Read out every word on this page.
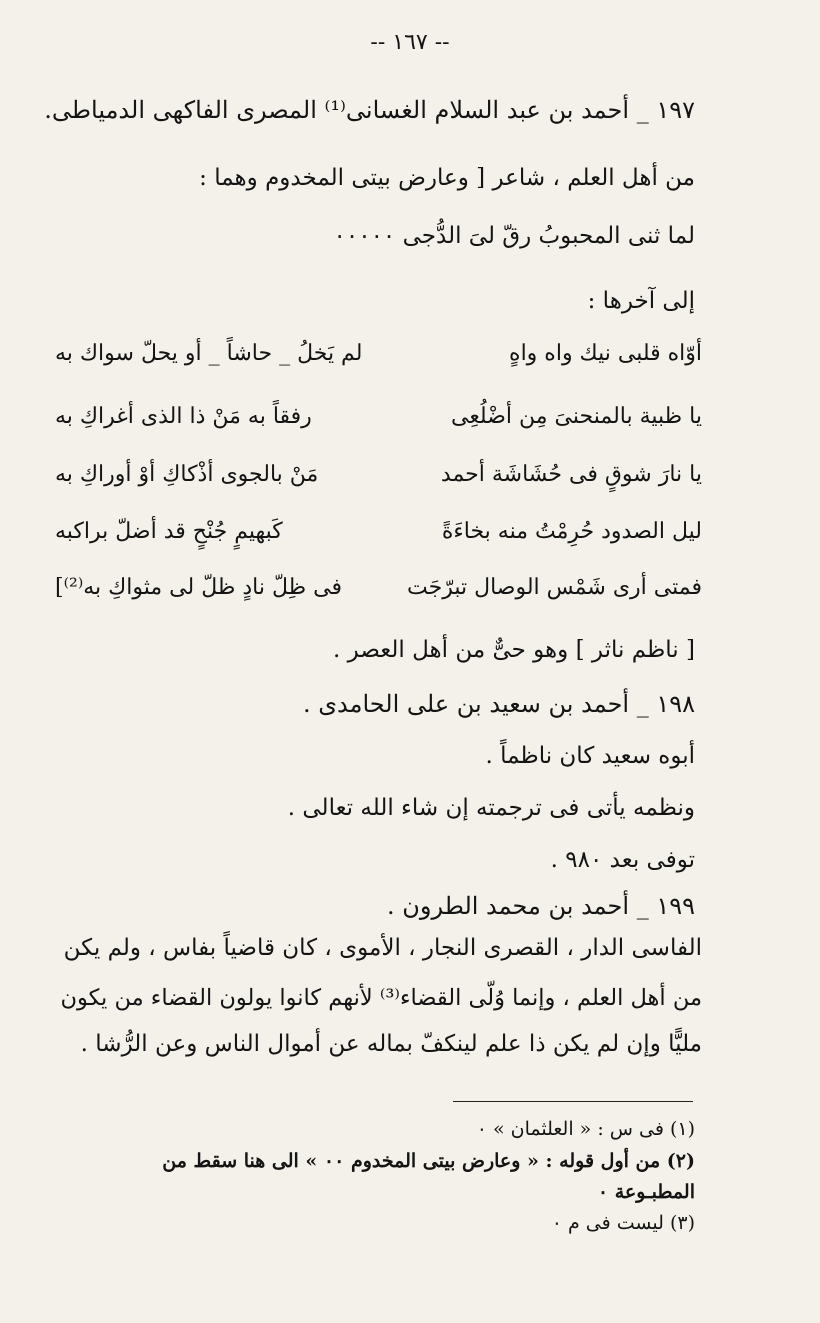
-- ١٦٧ --
١٩٧ _ أحمد بن عبد السلام الغسانى⁽¹⁾ المصرى الفاكهى الدمياطى.
من أهل العلم ، شاعر [ وعارض بيتى المخدوم وهما :
لما ثنى المحبوبُ رقّ لىَ الدُّجى ٠٠٠٠٠
إلى آخرها :
أوّاه قلبى نيك واه واهٍ
لم يَخلُ _ حاشاً _ أو يحلّ سواك به
يا ظبية بالمنحنىَ مِن أضْلُعِى
رفقاً به مَنْ ذا الذى أغراكِ به
يا نارَ شوقٍ فى حُشَاشَة أحمد
مَنْ بالجوى أذْكاكِ أوْ أوراكِ به
ليل الصدود حُرِمْتُ منه بخاءَةً
كَبهيمٍ جُنْحٍ قد أضلّ براكبه
فمتى أرى شَمْس الوصال تبرّجَت
فى ظِلّ نادٍ ظلّ لى مثواكِ به⁽²⁾]
[ ناظم ناثر ] وهو حىٌّ من أهل العصر .
١٩٨ _ أحمد بن سعيد بن على الحامدى .
أبوه سعيد كان ناظماً .
ونظمه يأتى فى ترجمته إن شاء الله تعالى .
توفى بعد ٩٨٠ .
١٩٩ _ أحمد بن محمد الطرون .
الفاسى الدار ، القصرى النجار ، الأموى ، كان قاضياً بفاس ، ولم يكن
من أهل العلم ، وإنما وُلّى القضاء⁽³⁾ لأنهم كانوا يولون القضاء من يكون
مليًّا وإن لم يكن ذا علم لينكفّ بماله عن أموال الناس وعن الرُّشا .
(١) فى س : « العلثمان » ٠
(٢) من أول قوله : « وعارض بيتى المخدوم ٠٠ » الى هنا سقط من
المطبـوعة ٠
(٣) ليست فى م ٠
